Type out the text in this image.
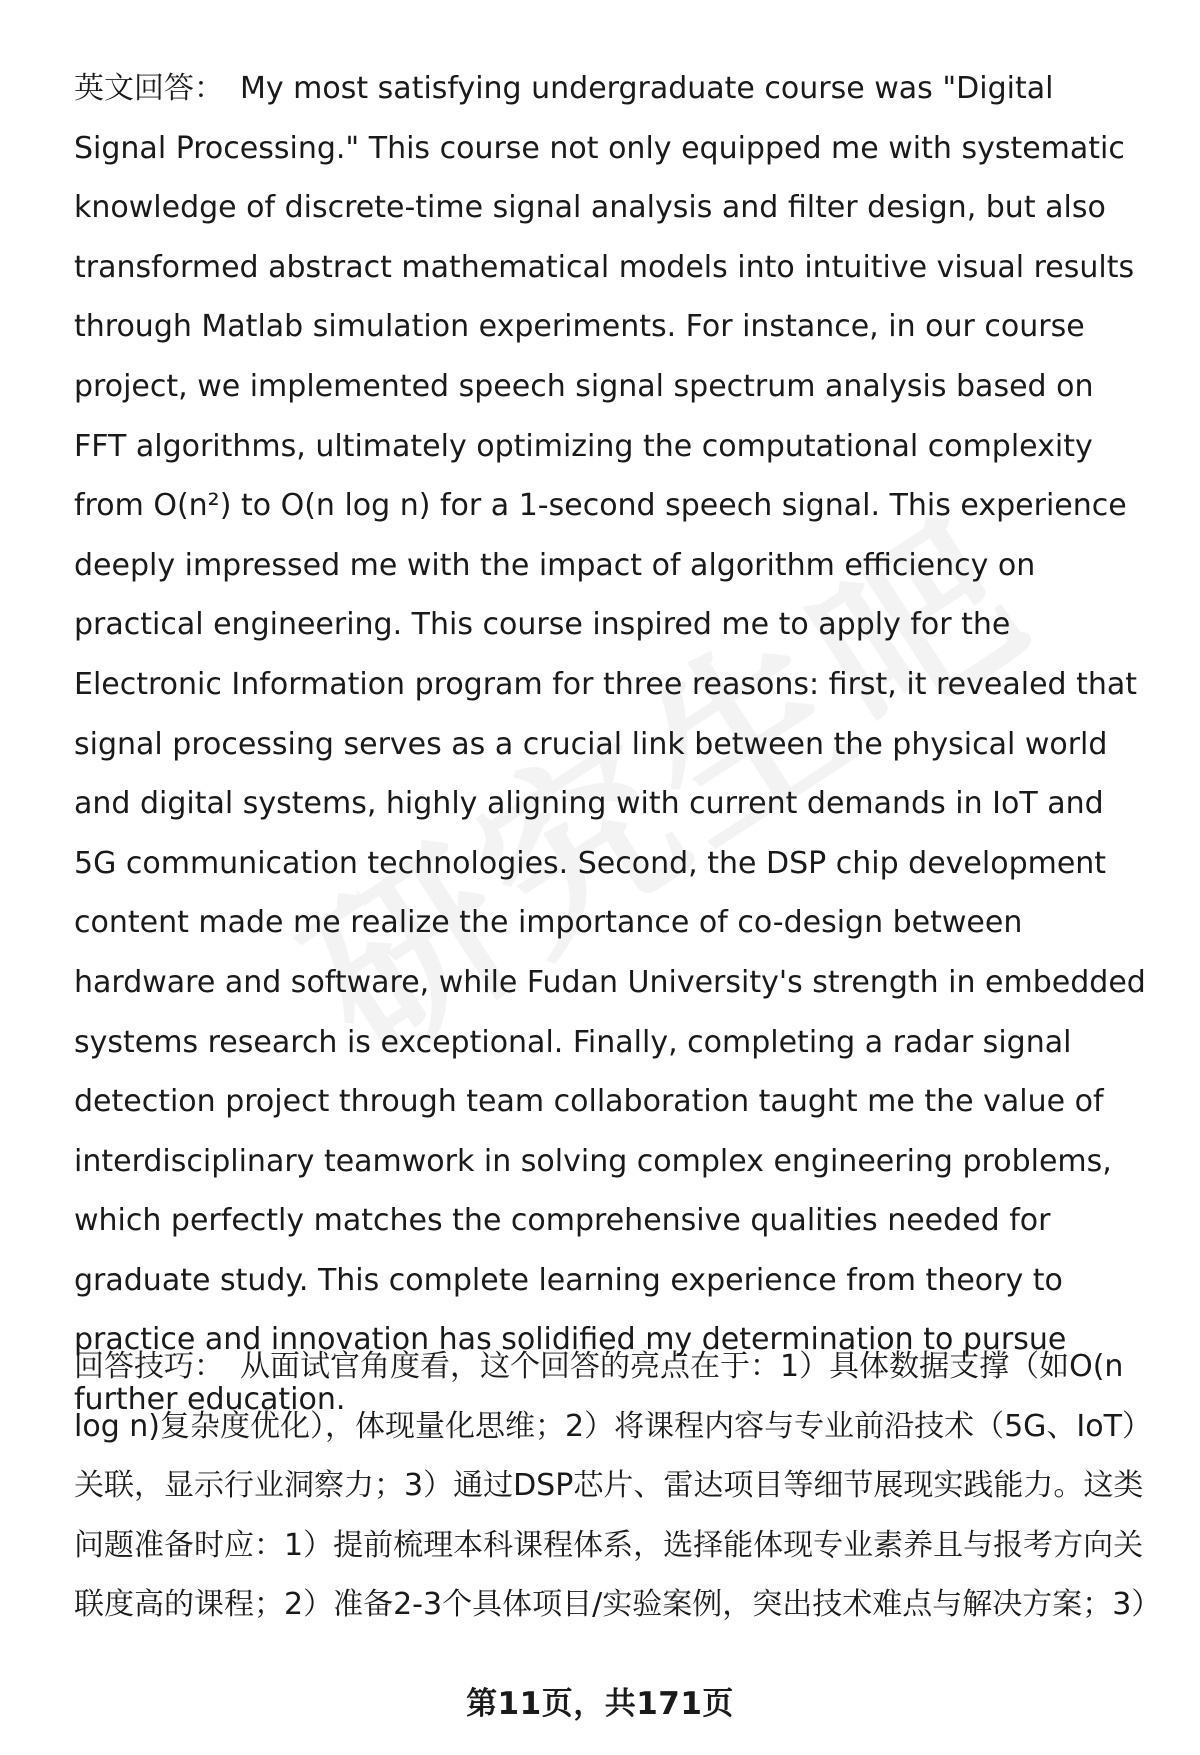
英文回答： My most satisfying undergraduate course was "Digital Signal Processing." This course not only equipped me with systematic knowledge of discrete-time signal analysis and filter design, but also transformed abstract mathematical models into intuitive visual results through Matlab simulation experiments. For instance, in our course project, we implemented speech signal spectrum analysis based on FFT algorithms, ultimately optimizing the computational complexity from O(n²) to O(n log n) for a 1-second speech signal. This experience deeply impressed me with the impact of algorithm efficiency on practical engineering. This course inspired me to apply for the Electronic Information program for three reasons: first, it revealed that signal processing serves as a crucial link between the physical world and digital systems, highly aligning with current demands in IoT and 5G communication technologies. Second, the DSP chip development content made me realize the importance of co-design between hardware and software, while Fudan University's strength in embedded systems research is exceptional. Finally, completing a radar signal detection project through team collaboration taught me the value of interdisciplinary teamwork in solving complex engineering problems, which perfectly matches the comprehensive qualities needed for graduate study. This complete learning experience from theory to practice and innovation has solidified my determination to pursue further education.
回答技巧： 从面试官角度看，这个回答的亮点在于：1）具体数据支撑（如O(n log n)复杂度优化），体现量化思维；2）将课程内容与专业前沿技术（5G、IoT）关联，显示行业洞察力；3）通过DSP芯片、雷达项目等细节展现实践能力。这类问题准备时应：1）提前梳理本科课程体系，选择能体现专业素养且与报考方向关联度高的课程；2）准备2-3个具体项目/实验案例，突出技术难点与解决方案；3）
第11页，共171页
